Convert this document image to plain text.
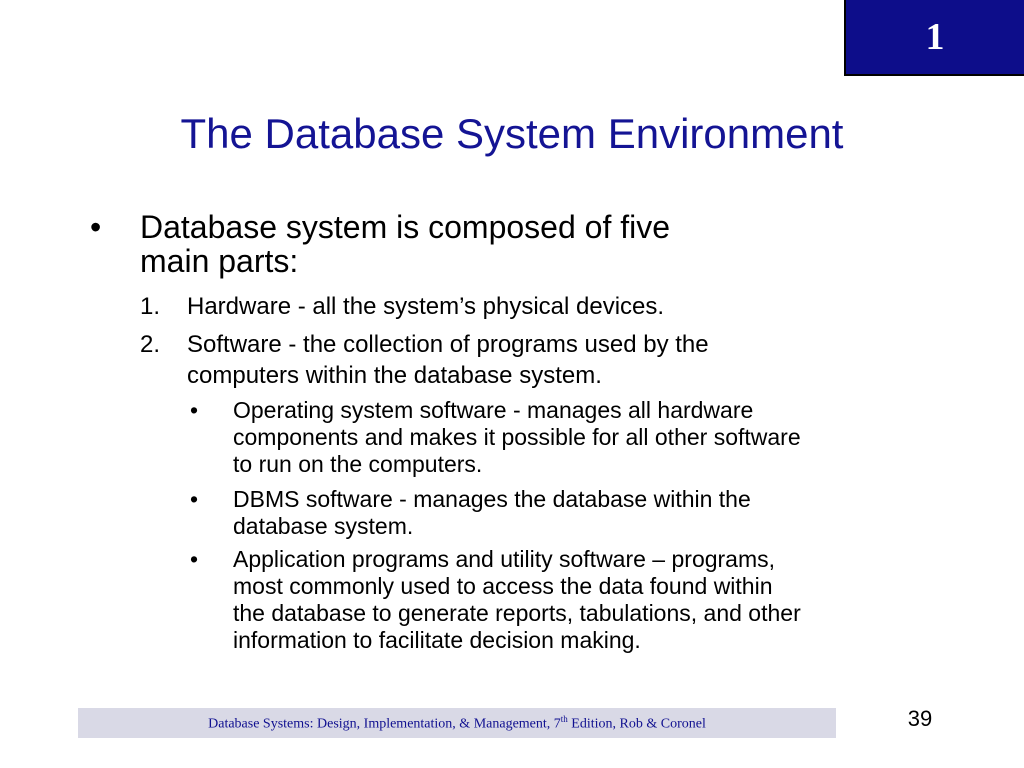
1
The Database System Environment
• Database system is composed of five
main parts:
1. Hardware - all the system’s physical devices.
2. Software - the collection of programs used by the
computers within the database system.
• Operating system software - manages all hardware
components and makes it possible for all other software
to run on the computers.
• DBMS software - manages the database within the
database system.
• Application programs and utility software – programs,
most commonly used to access the data found within
the database to generate reports, tabulations, and other
information to facilitate decision making.
Database Systems: Design, Implementation, & Management, 7th Edition, Rob & Coronel	39
